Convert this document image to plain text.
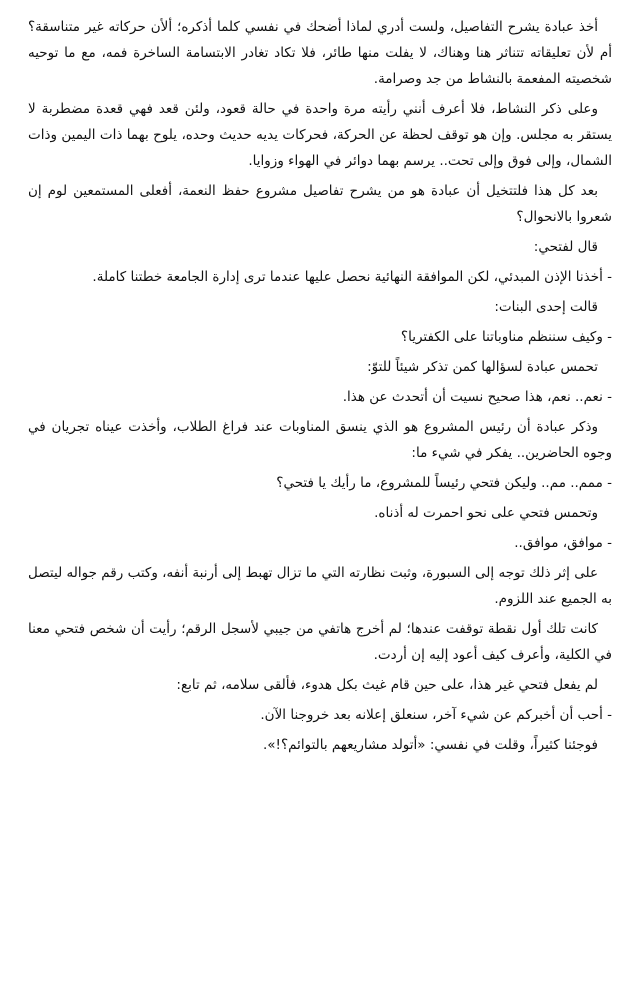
أخذ عبادة يشرح التفاصيل، ولست أدري لماذا أضحك في نفسي كلما أذكره؛ ألأن حركاته غير متناسقة؟ أم لأن تعليقاته تتناثر هنا وهناك، لا يفلت منها طائر، فلا تكاد تغادر الابتسامة الساخرة فمه، مع ما توحيه شخصيته المفعمة بالنشاط من جد وصرامة.

وعلى ذكر النشاط، فلا أعرف أنني رأيته مرة واحدة في حالة قعود، ولئن قعد فهي قعدة مضطربة لا يستقر به مجلس. وإن هو توقف لحظة عن الحركة، فحركات يديه حديث وحده، يلوح بهما ذات اليمين وذات الشمال، وإلى فوق وإلى تحت.. يرسم بهما دوائر في الهواء وزوايا.

بعد كل هذا فلتتخيل أن عبادة هو من يشرح تفاصيل مشروع حفظ النعمة، أفعلى المستمعين لوم إن شعروا بالانحوال؟

قال لفتحي:

- أخذنا الإذن المبدئي، لكن الموافقة النهائية نحصل عليها عندما ترى إدارة الجامعة خطتنا كاملة.

قالت إحدى البنات:

- وكيف سننظم مناوباتنا على الكفتريا؟

تحمس عبادة لسؤالها كمن تذكر شيئاً للتوّ:

- نعم.. نعم، هذا صحيح نسيت أن أتحدث عن هذا.

وذكر عبادة أن رئيس المشروع هو الذي ينسق المناوبات عند فراغ الطلاب، وأخذت عيناه تجريان في وجوه الحاضرين.. يفكر في شيء ما:

- ممم.. مم.. وليكن فتحي رئيساً للمشروع، ما رأيك يا فتحي؟

وتحمس فتحي على نحو احمرت له أذناه.

- موافق، موافق..

على إثر ذلك توجه إلى السبورة، وثبت نظارته التي ما تزال تهبط إلى أرنبة أنفه، وكتب رقم جواله ليتصل به الجميع عند اللزوم.

كانت تلك أول نقطة توقفت عندها؛ لم أخرج هاتفي من جيبي لأسجل الرقم؛ رأيت أن شخص فتحي معنا في الكلية، وأعرف كيف أعود إليه إن أردت.

لم يفعل فتحي غير هذا، على حين قام غيث بكل هدوء، فألقى سلامه، ثم تابع:

- أحب أن أخبركم عن شيء آخر، سنعلق إعلانه بعد خروجنا الآن.

فوجئنا كثيراً، وقلت في نفسي: «أتولد مشاريعهم بالتوائم؟!».
